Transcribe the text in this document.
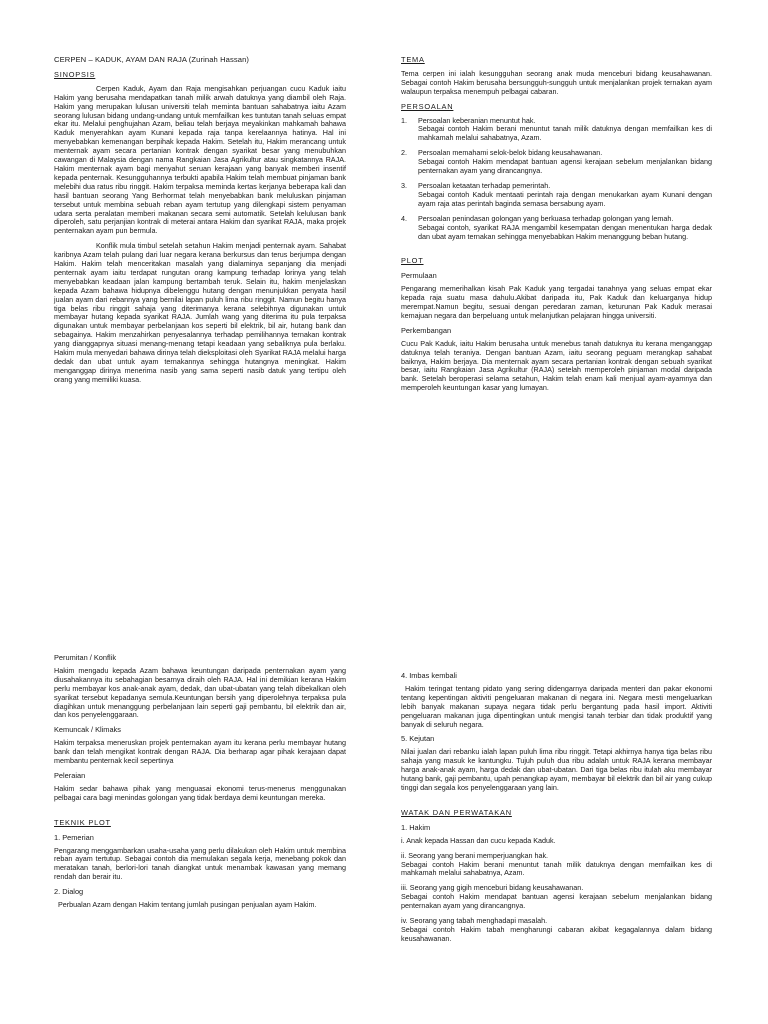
CERPEN – KADUK, AYAM DAN RAJA (Zurinah Hassan)
SINOPSIS

Cerpen Kaduk, Ayam dan Raja mengisahkan perjuangan cucu Kaduk iaitu Hakim yang berusaha mendapatkan tanah milik arwah datuknya yang diambil oleh Raja. Hakim yang merupakan lulusan universiti telah meminta bantuan sahabatnya iaitu Azam seorang lulusan bidang undang-undang untuk memfailkan kes tuntutan tanah seluas empat ekar itu. Melalui penghujahan Azam, beliau telah berjaya meyakinkan mahkamah bahawa Kaduk menyerahkan ayam Kunani kepada raja tanpa kerelaannya hatinya. Hal ini menyebabkan kemenangan berpihak kepada Hakim. Setelah itu, Hakim merancang untuk menternak ayam secara pertanian kontrak dengan syarikat besar yang menubuhkan cawangan di Malaysia dengan nama Rangkaian Jasa Agrikultur atau singkatannya RAJA. Hakim menternak ayam bagi menyahut seruan kerajaan yang banyak memberi insentif kepada penternak. Kesungguhannya terbukti apabila Hakim telah membuat pinjaman bank melebihi dua ratus ribu ringgit. Hakim terpaksa meminda kertas kerjanya beberapa kali dan hasil bantuan seorang Yang Berhormat telah menyebabkan bank meluluskan pinjaman tersebut untuk membina sebuah reban ayam tertutup yang dilengkapi sistem penyaman udara serta peralatan memberi makanan secara semi automatik. Setelah kelulusan bank diperoleh, satu perjanjian kontrak di meterai antara Hakim dan syarikat RAJA, maka projek penternakan ayam pun bermula.

Konflik mula timbul setelah setahun Hakim menjadi penternak ayam. Sahabat karibnya Azam telah pulang dari luar negara kerana berkursus dan terus berjumpa dengan Hakim. Hakim telah menceritakan masalah yang dialaminya sepanjang dia menjadi penternak ayam iaitu terdapat rungutan orang kampung terhadap lorinya yang telah menyebabkan keadaan jalan kampung bertambah teruk. Selain itu, hakim menjelaskan kepada Azam bahawa hidupnya dibelenggu hutang dengan menunjukkan penyata hasil jualan ayam dari rebannya yang bernilai lapan puluh lima ribu ringgit. Namun begitu hanya tiga belas ribu ringgit sahaja yang diterimanya kerana selebihnya digunakan untuk membayar hutang kepada syarikat RAJA. Jumlah wang yang diterima itu pula terpaksa digunakan untuk membayar perbelanjaan kos seperti bil elektrik, bil air, hutang bank dan sebagainya. Hakim menzahirkan penyesalannya terhadap pemilihannya ternakan kontrak yang dianggapnya situasi menang-menang tetapi keadaan yang sebaliknya pula berlaku. Hakim mula menyedari bahawa dirinya telah dieksploitasi oleh Syarikat RAJA melalui harga dedak dan ubat untuk ayam ternakannya sehingga hutangnya meningkat. Hakim menganggap dirinya menerima nasib yang sama seperti nasib datuk yang tertipu oleh orang yang memiliki kuasa.

TEMA

Tema cerpen ini ialah kesungguhan seorang anak muda menceburi bidang keusahawanan. Sebagai contoh Hakim berusaha bersungguh-sungguh untuk menjalankan projek ternakan ayam walaupun terpaksa menempuh pelbagai cabaran.

PERSOALAN
1. Persoalan keberanian menuntut hak.
Sebagai contoh Hakim berani menuntut tanah milik datuknya dengan memfailkan kes di mahkamah melalui sahabatnya, Azam.
2. Persoalan memahami selok-belok bidang keusahawanan.
Sebagai contoh Hakim mendapat bantuan agensi kerajaan sebelum menjalankan bidang penternakan ayam yang dirancangnya.
3. Persoalan ketaatan terhadap pemerintah.
Sebagai contoh Kaduk mentaati perintah raja dengan menukarkan ayam Kunani dengan ayam raja atas perintah baginda semasa bersabung ayam.
4. Persoalan penindasan golongan yang berkuasa terhadap golongan yang lemah.
Sebagai contoh, syarikat RAJA mengambil kesempatan dengan menentukan harga dedak dan ubat ayam ternakan sehingga menyebabkan Hakim menanggung beban hutang.
PLOT
Permulaan

Pengarang memerihalkan kisah Pak Kaduk yang tergadai tanahnya yang seluas empat ekar kepada raja suatu masa dahulu.Akibat daripada itu, Pak Kaduk dan keluarganya hidup merempat.Namun begitu, sesuai dengan peredaran zaman, keturunan Pak Kaduk merasai kemajuan negara dan berpeluang untuk melanjutkan pelajaran hingga universiti.

Perkembangan

Cucu Pak Kaduk, iaitu Hakim berusaha untuk menebus tanah datuknya itu kerana menganggap datuknya telah teraniya. Dengan bantuan Azam, iaitu seorang peguam merangkap sahabat baiknya, Hakim berjaya. Dia menternak ayam secara pertanian kontrak dengan sebuah syarikat besar, iaitu Rangkaian Jasa Agrikultur (RAJA) setelah memperoleh pinjaman modal daripada bank. Setelah beroperasi selama setahun, Hakim telah enam kali menjual ayam-ayamnya dan memperoleh keuntungan kasar yang lumayan.

Perumitan / Konflik

Hakim mengadu kepada Azam bahawa keuntungan daripada penternakan ayam yang diusahakannya itu sebahagian besarnya diraih oleh RAJA. Hal ini demikian kerana Hakim perlu membayar kos anak-anak ayam, dedak, dan ubat-ubatan yang telah dibekalkan oleh syarikat tersebut kepadanya semula.Keuntungan bersih yang diperolehnya terpaksa pula diagihkan untuk menanggung perbelanjaan lain seperti gaji pembantu, bil elektrik dan air, dan kos penyelenggaraan.

Kemuncak / Klimaks

Hakim terpaksa meneruskan projek penternakan ayam itu kerana perlu membayar hutang bank dan telah mengikat kontrak dengan RAJA. Dia berharap agar pihak kerajaan dapat membantu penternak kecil sepertinya

Peleraian

Hakim sedar bahawa pihak yang menguasai ekonomi terus-menerus menggunakan pelbagai cara bagi menindas golongan yang tidak berdaya demi keuntungan mereka.

TEKNIK PLOT
1. Pemerian

Pengarang menggambarkan usaha-usaha yang perlu dilakukan oleh Hakim untuk membina reban ayam tertutup. Sebagai contoh dia memulakan segala kerja, menebang pokok dan meratakan tanah, berlori-lori tanah diangkat untuk menambak kawasan yang memang rendah dan berair itu.

2. Dialog

Perbualan Azam dengan Hakim tentang jumlah pusingan penjualan ayam Hakim.

4. Imbas kembali

Hakim teringat tentang pidato yang sering didengarnya daripada menteri dan pakar ekonomi tentang kepentingan aktiviti pengeluaran makanan di negara ini. Negara mesti mengeluarkan lebih banyak makanan supaya negara tidak perlu bergantung pada hasil import. Aktiviti pengeluaran makanan juga dipentingkan untuk mengisi tanah terbiar dan tidak produktif yang banyak di seluruh negara.

5. Kejutan

Nilai jualan dari rebanku ialah lapan puluh lima ribu ringgit. Tetapi akhirnya hanya tiga belas ribu sahaja yang masuk ke kantungku. Tujuh puluh dua ribu adalah untuk RAJA kerana membayar harga anak-anak ayam, harga dedak dan ubat-ubatan. Dari tiga belas ribu itulah aku membayar hutang bank, gaji pembantu, upah penangkap ayam, membayar bil elektrik dan bil air yang cukup tinggi dan segala kos penyelenggaraan yang lain.

WATAK DAN PERWATAKAN
1. Hakim
i. Anak kepada Hassan dan cucu kepada Kaduk.
ii. Seorang yang berani memperjuangkan hak.
Sebagai contoh Hakim berani menuntut tanah milik datuknya dengan memfailkan kes di mahkamah melalui sahabatnya, Azam.
iii. Seorang yang gigih menceburi bidang keusahawanan.
Sebagai contoh Hakim mendapat bantuan agensi kerajaan sebelum menjalankan bidang penternakan ayam yang dirancangnya.
iv. Seorang yang tabah menghadapi masalah.
Sebagai contoh Hakim tabah mengharungi cabaran akibat kegagalannya dalam bidang keusahawanan.
